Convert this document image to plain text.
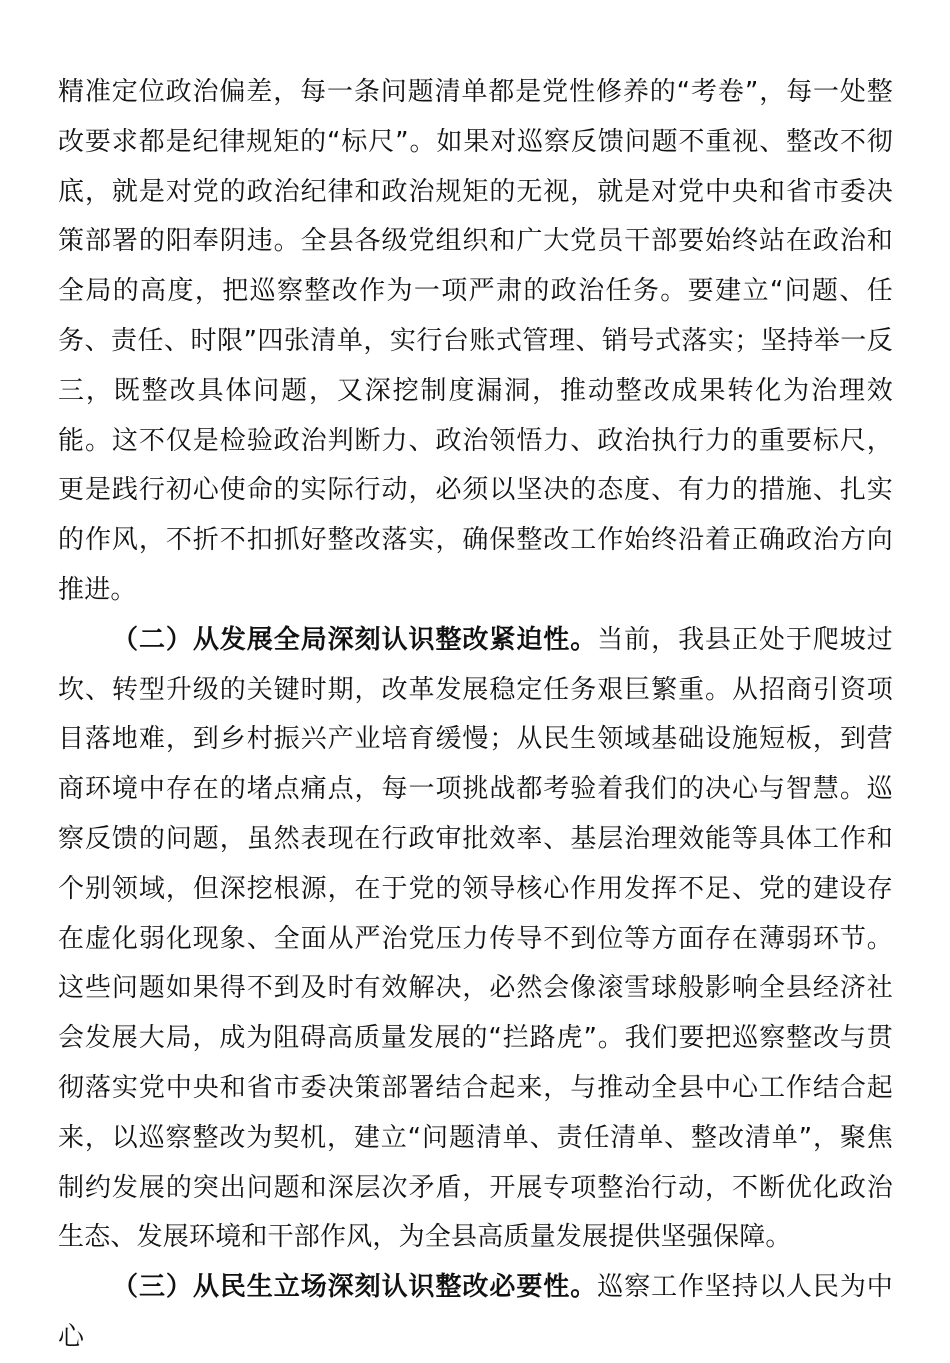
精准定位政治偏差，每一条问题清单都是党性修养的“考卷”，每一处整改要求都是纪律规矩的“标尺”。如果对巡察反馈问题不重视、整改不彻底，就是对党的政治纪律和政治规矩的无视，就是对党中央和省市委决策部署的阳奉阴违。全县各级党组织和广大党员干部要始终站在政治和全局的高度，把巡察整改作为一项严肃的政治任务。要建立“问题、任务、责任、时限”四张清单，实行台账式管理、销号式落实；坚持举一反三，既整改具体问题，又深挖制度漏洞，推动整改成果转化为治理效能。这不仅是检验政治判断力、政治领悟力、政治执行力的重要标尺，更是践行初心使命的实际行动，必须以坚决的态度、有力的措施、扎实的作风，不折不扣抓好整改落实，确保整改工作始终沿着正确政治方向推进。

（二）从发展全局深刻认识整改紧迫性。当前，我县正处于爬坡过坎、转型升级的关键时期，改革发展稳定任务艰巨繁重。从招商引资项目落地难，到乡村振兴产业培育缓慢；从民生领域基础设施短板，到营商环境中存在的堵点痛点，每一项挑战都考验着我们的决心与智慧。巡察反馈的问题，虽然表现在行政审批效率、基层治理效能等具体工作和个别领域，但深挖根源，在于党的领导核心作用发挥不足、党的建设存在虚化弱化现象、全面从严治党压力传导不到位等方面存在薄弱环节。这些问题如果得不到及时有效解决，必然会像滚雪球般影响全县经济社会发展大局，成为阻碍高质量发展的“拦路虎”。我们要把巡察整改与贯彻落实党中央和省市委决策部署结合起来，与推动全县中心工作结合起来，以巡察整改为契机，建立“问题清单、责任清单、整改清单”，聚焦制约发展的突出问题和深层次矛盾，开展专项整治行动，不断优化政治生态、发展环境和干部作风，为全县高质量发展提供坚强保障。

（三）从民生立场深刻认识整改必要性。巡察工作坚持以人民为中心
